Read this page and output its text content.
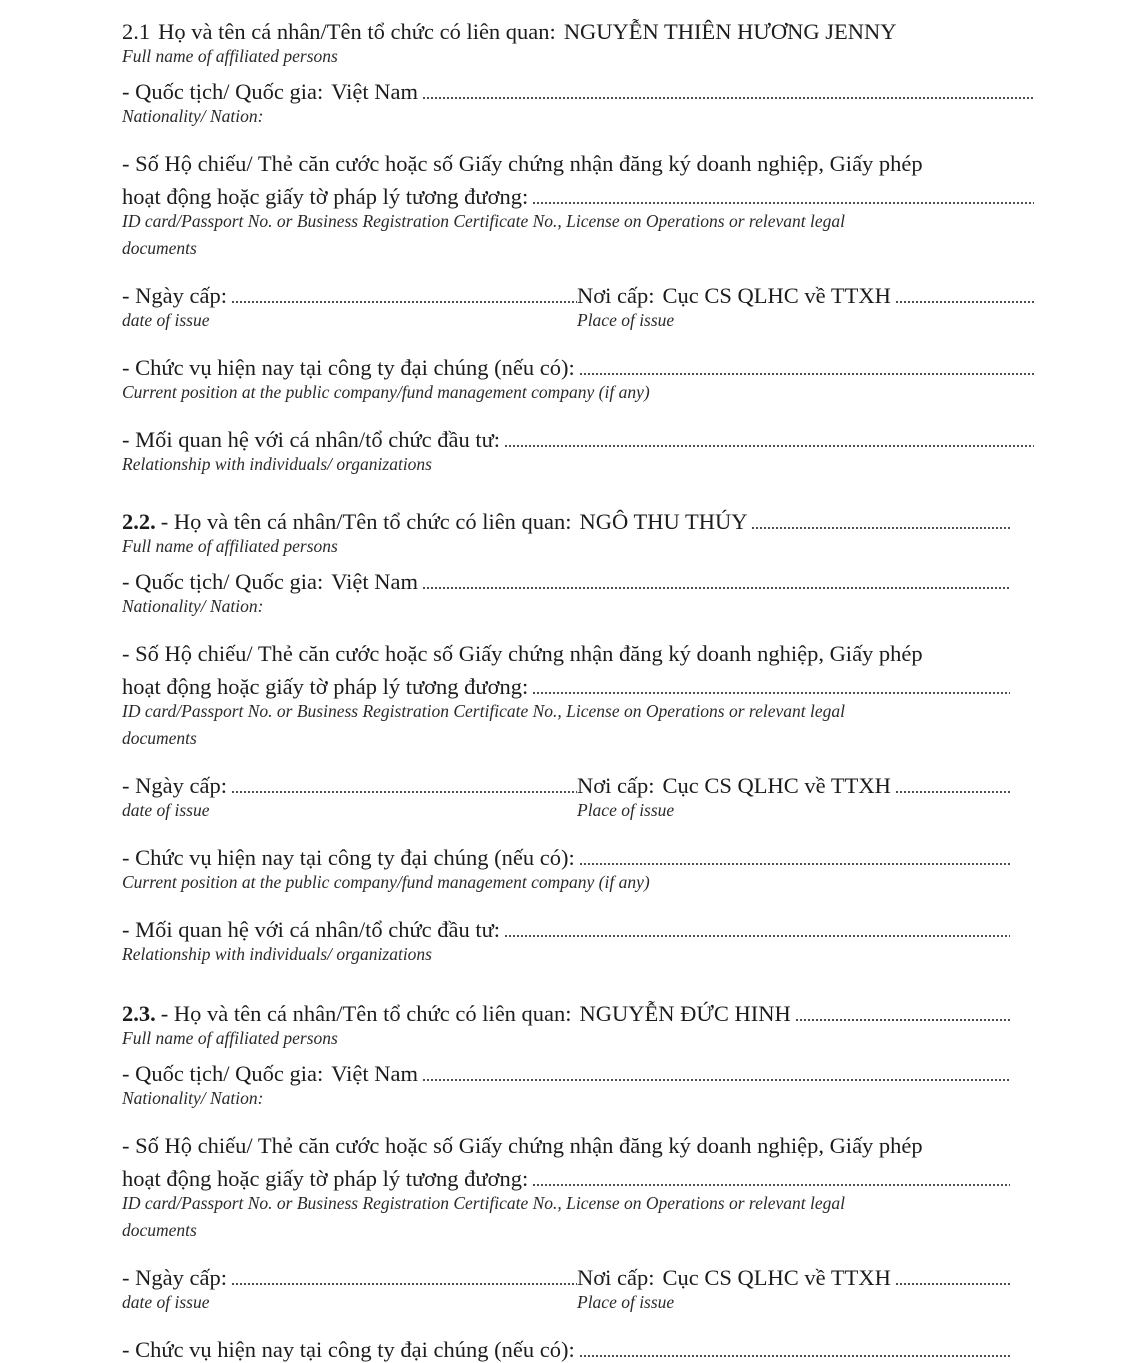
2.1 Họ và tên cá nhân/Tên tổ chức có liên quan: NGUYỄN THIÊN HƯƠNG JENNY
Full name of affiliated persons
- Quốc tịch/ Quốc gia: Việt Nam
Nationality/ Nation:
- Số Hộ chiếu/ Thẻ căn cước hoặc số Giấy chứng nhận đăng ký doanh nghiệp, Giấy phép
hoạt động hoặc giấy tờ pháp lý tương đương:
ID card/Passport No. or Business Registration Certificate No., License on Operations or relevant legal
documents
- Ngày cấp:	Nơi cấp: Cục CS QLHC về TTXH
date of issue	Place of issue
- Chức vụ hiện nay tại công ty đại chúng (nếu có):
Current position at the public company/fund management company (if any)
- Mối quan hệ với cá nhân/tổ chức đầu tư:
Relationship with individuals/ organizations
2.2. - Họ và tên cá nhân/Tên tổ chức có liên quan: NGÔ THU THÚY
Full name of affiliated persons
- Quốc tịch/ Quốc gia: Việt Nam
Nationality/ Nation:
- Số Hộ chiếu/ Thẻ căn cước hoặc số Giấy chứng nhận đăng ký doanh nghiệp, Giấy phép
hoạt động hoặc giấy tờ pháp lý tương đương:
ID card/Passport No. or Business Registration Certificate No., License on Operations or relevant legal
documents
- Ngày cấp:	Nơi cấp: Cục CS QLHC về TTXH
date of issue	Place of issue
- Chức vụ hiện nay tại công ty đại chúng (nếu có):
Current position at the public company/fund management company (if any)
- Mối quan hệ với cá nhân/tổ chức đầu tư:
Relationship with individuals/ organizations
2.3. - Họ và tên cá nhân/Tên tổ chức có liên quan: NGUYỄN ĐỨC HINH
Full name of affiliated persons
- Quốc tịch/ Quốc gia: Việt Nam
Nationality/ Nation:
- Số Hộ chiếu/ Thẻ căn cước hoặc số Giấy chứng nhận đăng ký doanh nghiệp, Giấy phép
hoạt động hoặc giấy tờ pháp lý tương đương:
ID card/Passport No. or Business Registration Certificate No., License on Operations or relevant legal
documents
- Ngày cấp:	Nơi cấp: Cục CS QLHC về TTXH
date of issue	Place of issue
- Chức vụ hiện nay tại công ty đại chúng (nếu có):
